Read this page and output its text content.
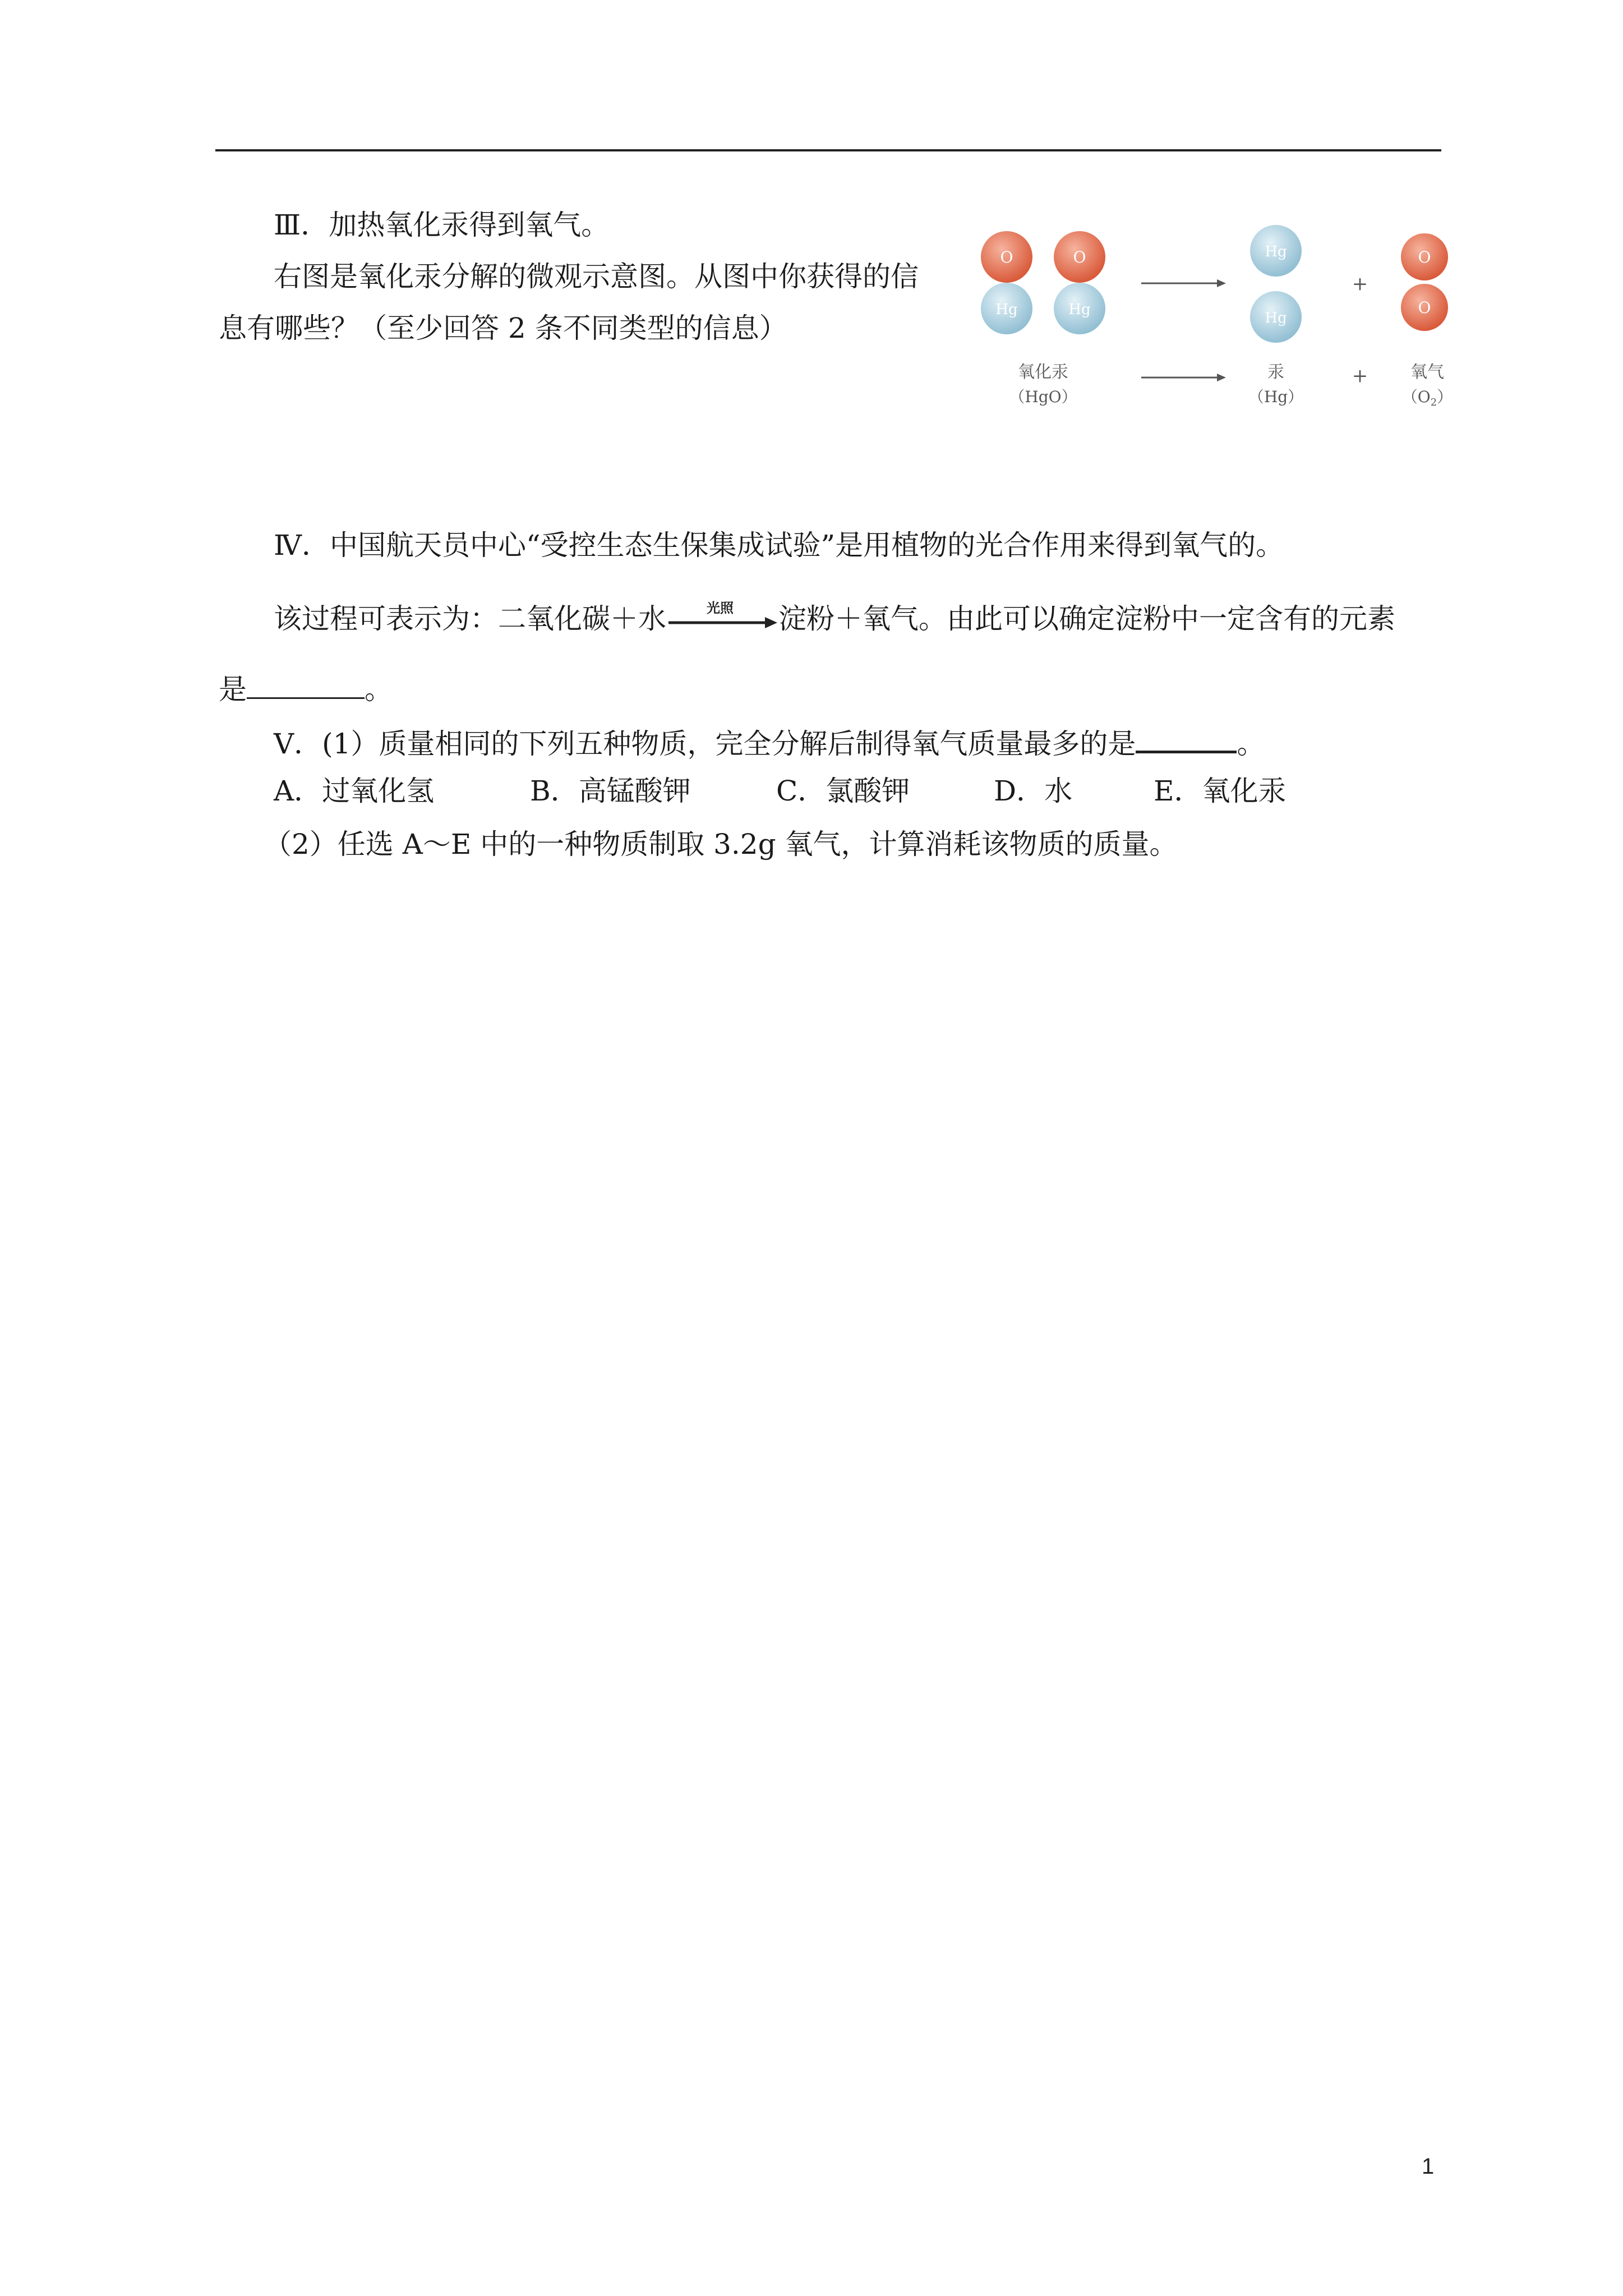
Ⅲ．加热氧化汞得到氧气。
右图是氧化汞分解的微观示意图。从图中你获得的信
息有哪些？（至少回答 2 条不同类型的信息）
O
Hg
O
Hg
Hg
Hg
+
O
O
氧化汞
（HgO）
汞
（Hg）
+	氧气
$(O_2)$
Ⅳ．中国航天员中心“受控生态生保集成试验”是用植物的光合作用来得到氧气的。
该过程可表示为：二氧化碳＋水	光照 淀粉＋氧气。由此可以确定淀粉中一定含有的元素
是	。
Ⅴ．(1）质量相同的下列五种物质，完全分解后制得氧气质量最多的是	。
A．过氧化氢	B．高锰酸钾	C．氯酸钾	D．水	E．氧化汞
（2）任选 A～E 中的一种物质制取 3.2g 氧气，计算消耗该物质的质量。
1
